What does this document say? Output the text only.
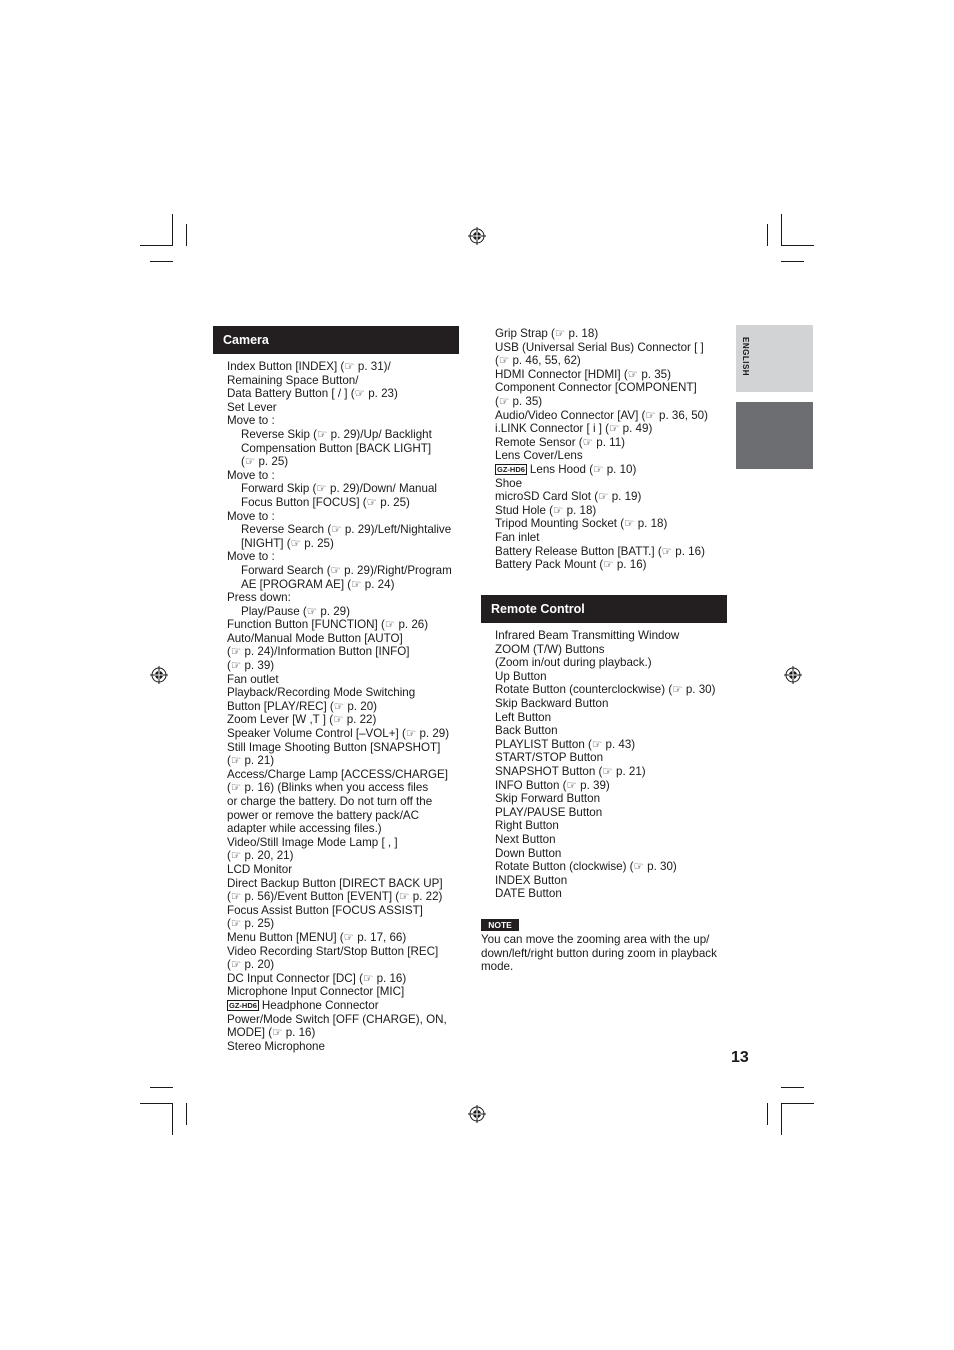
Camera
Index Button [INDEX] (☞ p. 31)/
Remaining Space Button/
Data Battery Button [ / ] (☞ p. 23)
Set Lever
Move to :
Reverse Skip (☞ p. 29)/Up/ Backlight
Compensation Button [BACK LIGHT]
(☞ p. 25)
Move to :
Forward Skip (☞ p. 29)/Down/ Manual
Focus Button [FOCUS] (☞ p. 25)
Move to :
Reverse Search (☞ p. 29)/Left/Nightalive
[NIGHT] (☞ p. 25)
Move to :
Forward Search (☞ p. 29)/Right/Program
AE [PROGRAM AE] (☞ p. 24)
Press down:
Play/Pause (☞ p. 29)
Function Button [FUNCTION] (☞ p. 26)
Auto/Manual Mode Button [AUTO]
(☞ p. 24)/Information Button [INFO]
(☞ p. 39)
Fan outlet
Playback/Recording Mode Switching
Button [PLAY/REC] (☞ p. 20)
Zoom Lever [W ,T ] (☞ p. 22)
Speaker Volume Control [–VOL+] (☞ p. 29)
Still Image Shooting Button [SNAPSHOT]
(☞ p. 21)
Access/Charge Lamp [ACCESS/CHARGE]
(☞ p. 16) (Blinks when you access files
or charge the battery. Do not turn off the
power or remove the battery pack/AC
adapter while accessing files.)
Video/Still Image Mode Lamp [ , ]
(☞ p. 20, 21)
LCD Monitor
Direct Backup Button [DIRECT BACK UP]
(☞ p. 56)/Event Button [EVENT] (☞ p. 22)
Focus Assist Button [FOCUS ASSIST]
(☞ p. 25)
Menu Button [MENU] (☞ p. 17, 66)
Video Recording Start/Stop Button [REC]
(☞ p. 20)
DC Input Connector [DC] (☞ p. 16)
Microphone Input Connector [MIC]
GZ-HD6 Headphone Connector
Power/Mode Switch [OFF (CHARGE), ON,
MODE] (☞ p. 16)
Stereo Microphone
Grip Strap (☞ p. 18)
USB (Universal Serial Bus) Connector [ ]
(☞ p. 46, 55, 62)
HDMI Connector [HDMI] (☞ p. 35)
Component Connector [COMPONENT]
(☞ p. 35)
Audio/Video Connector [AV] (☞ p. 36, 50)
i.LINK Connector [ i ] (☞ p. 49)
Remote Sensor (☞ p. 11)
Lens Cover/Lens
GZ-HD6 Lens Hood (☞ p. 10)
Shoe
microSD Card Slot (☞ p. 19)
Stud Hole (☞ p. 18)
Tripod Mounting Socket (☞ p. 18)
Fan inlet
Battery Release Button [BATT.] (☞ p. 16)
Battery Pack Mount (☞ p. 16)
Remote Control
Infrared Beam Transmitting Window
ZOOM (T/W) Buttons
(Zoom in/out during playback.)
Up Button
Rotate Button (counterclockwise) (☞ p. 30)
Skip Backward Button
Left Button
Back Button
PLAYLIST Button (☞ p. 43)
START/STOP Button
SNAPSHOT Button (☞ p. 21)
INFO Button (☞ p. 39)
Skip Forward Button
PLAY/PAUSE Button
Right Button
Next Button
Down Button
Rotate Button (clockwise) (☞ p. 30)
INDEX Button
DATE Button
NOTE
You can move the zooming area with the up/
down/left/right button during zoom in playback
mode.
ENGLISH
13
